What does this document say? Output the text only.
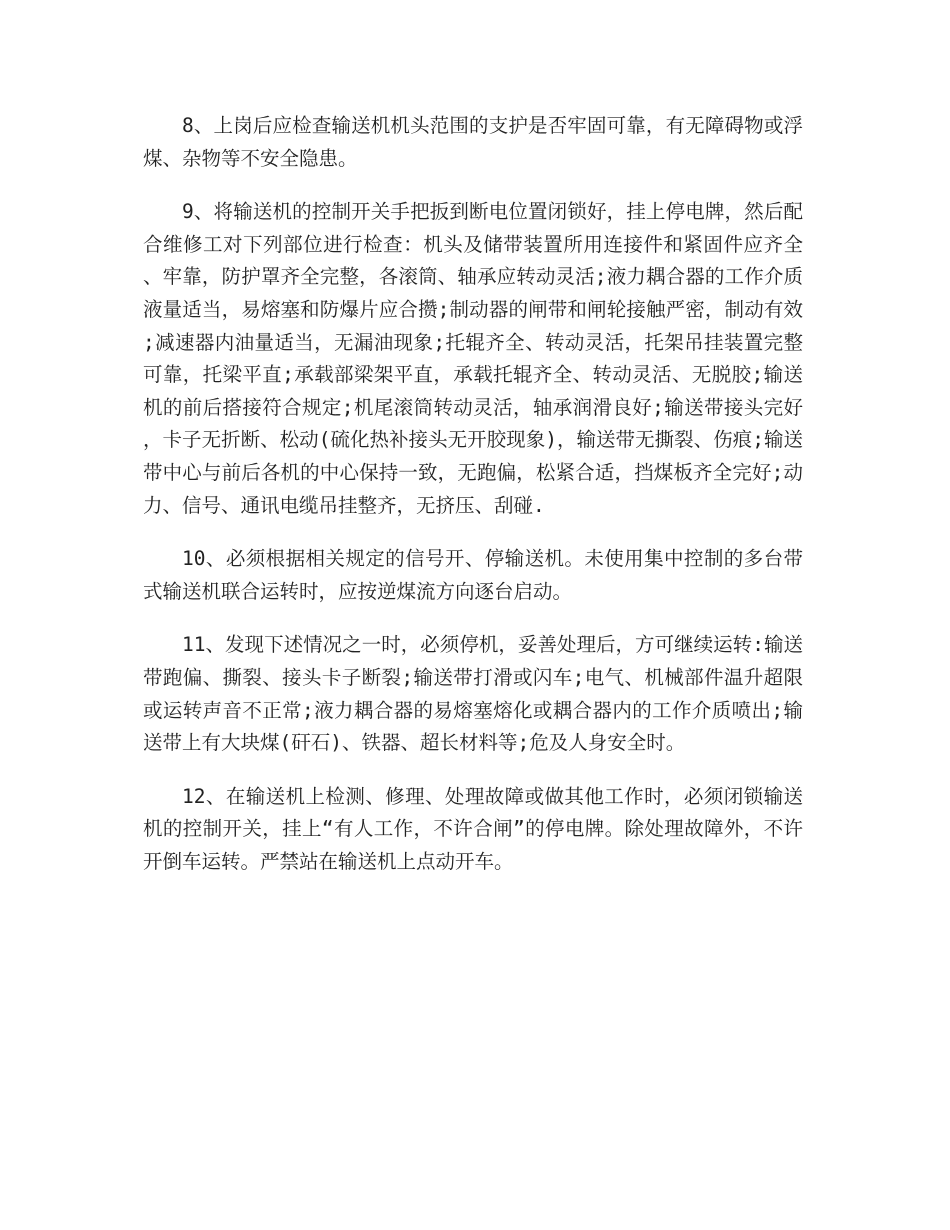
8、上岗后应检查输送机机头范围的支护是否牢固可靠，有无障碍物或浮煤、杂物等不安全隐患。

9、将输送机的控制开关手把扳到断电位置闭锁好，挂上停电牌，然后配合维修工对下列部位进行检查：机头及储带装置所用连接件和紧固件应齐全、牢靠，防护罩齐全完整，各滚筒、轴承应转动灵活;液力耦合器的工作介质液量适当，易熔塞和防爆片应合攒;制动器的闸带和闸轮接触严密，制动有效;减速器内油量适当，无漏油现象;托辊齐全、转动灵活，托架吊挂装置完整可靠，托梁平直;承载部梁架平直，承载托辊齐全、转动灵活、无脱胶;输送机的前后搭接符合规定;机尾滚筒转动灵活，轴承润滑良好;输送带接头完好，卡子无折断、松动(硫化热补接头无开胶现象)，输送带无撕裂、伤痕;输送带中心与前后各机的中心保持一致，无跑偏，松紧合适，挡煤板齐全完好;动力、信号、通讯电缆吊挂整齐，无挤压、刮碰.

10、必须根据相关规定的信号开、停输送机。未使用集中控制的多台带式输送机联合运转时，应按逆煤流方向逐台启动。

11、发现下述情况之一时，必须停机，妥善处理后，方可继续运转:输送带跑偏、撕裂、接头卡子断裂;输送带打滑或闪车;电气、机械部件温升超限或运转声音不正常;液力耦合器的易熔塞熔化或耦合器内的工作介质喷出;输送带上有大块煤(矸石)、铁器、超长材料等;危及人身安全时。

12、在输送机上检测、修理、处理故障或做其他工作时，必须闭锁输送机的控制开关，挂上“有人工作，不许合闸”的停电牌。除处理故障外，不许开倒车运转。严禁站在输送机上点动开车。
